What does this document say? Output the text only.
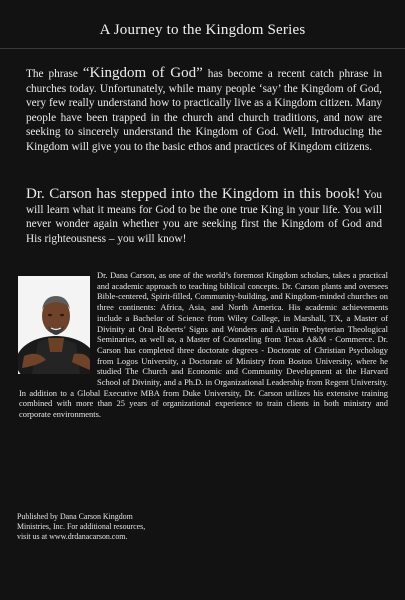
A Journey to the Kingdom Series

The phrase “Kingdom of God” has become a recent catch phrase in churches today. Unfortunately, while many people ‘say’ the Kingdom of God, very few really understand how to practically live as a Kingdom citizen. Many people have been trapped in the church and church traditions, and now are seeking to sincerely understand the Kingdom of God. Well, Introducing the Kingdom will give you to the basic ethos and practices of Kingdom citizens.

Dr. Carson has stepped into the Kingdom in this book! You will learn what it means for God to be the one true King in your life. You will never wonder again whether you are seeking first the Kingdom of God and His righteousness – you will know!

Dr. Dana Carson, as one of the world’s foremost Kingdom scholars, takes a practical and academic approach to teaching biblical concepts. Dr. Carson plants and oversees Bible-centered, Spirit-filled, Community-building, and Kingdom-minded churches on three continents: Africa, Asia, and North America. His academic achievements include a Bachelor of Science from Wiley College, in Marshall, TX, a Master of Divinity at Oral Roberts’ Signs and Wonders and Austin Presbyterian Theological Seminaries, as well as, a Master of Counseling from Texas A&M - Commerce. Dr. Carson has completed three doctorate degrees - Doctorate of Christian Psychology from Logos University, a Doctorate of Ministry from Boston University, where he studied The Church and Economic and Community Development at the Harvard School of Divinity, and a Ph.D. in Organizational Leadership from Regent University. In addition to a Global Executive MBA from Duke University, Dr. Carson utilizes his extensive training combined with more than 25 years of organizational experience to train clients in both ministry and corporate environments.

Published by Dana Carson Kingdom
Ministries, Inc. For additional resources,
visit us at www.drdanacarson.com.
